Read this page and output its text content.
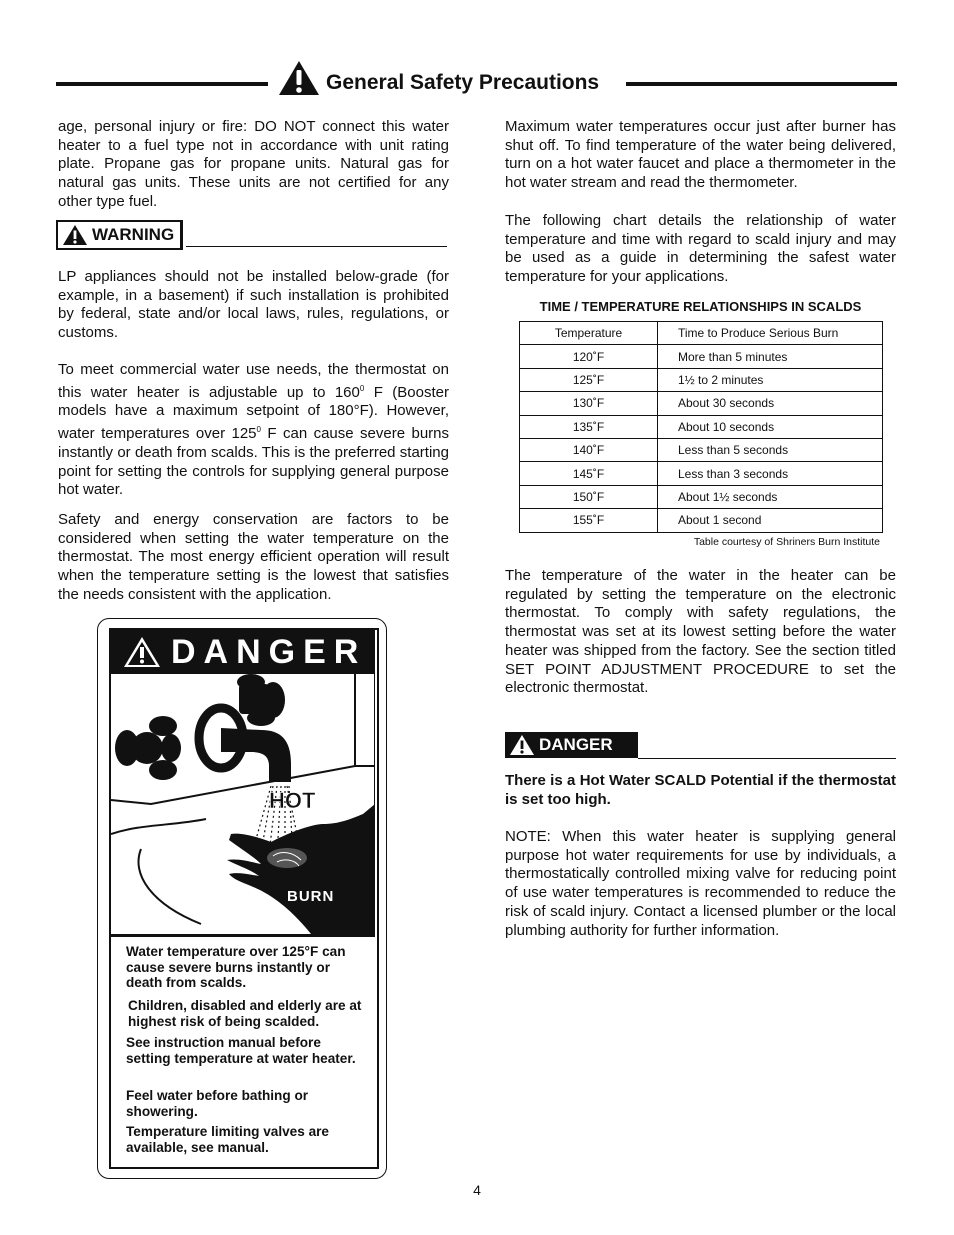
General Safety Precautions

age, personal injury or fire: DO NOT connect this water heater to a fuel type not in accordance with unit rating plate. Propane gas for propane units. Natural gas for natural gas units. These units are not certified for any other type fuel.

WARNING

LP appliances should not be installed below-grade (for example, in a basement) if such installation is prohibited by federal, state and/or local laws, rules, regulations, or customs.

To meet commercial water use needs, the thermostat on this water heater is adjustable up to $160^0$ F (Booster models have a maximum setpoint of 180°F). However, water temperatures over $125^0$ F can cause severe burns instantly or death from scalds. This is the preferred starting point for setting the controls for supplying general purpose hot water.

Safety and energy conservation are factors to be considered when setting the water temperature on the thermostat. The most energy efficient operation will result when the temperature setting is the lowest that satisfies the needs consistent with the application.

DANGER
HOT
BURN
Water temperature over 125°F can cause severe burns instantly or death from scalds.
Children, disabled and elderly are at highest risk of being scalded.
See instruction manual before setting temperature at water heater.
Feel water before bathing or showering.
Temperature limiting valves are available, see manual.

Maximum water temperatures occur just after burner has shut off. To find temperature of the water being delivered, turn on a hot water faucet and place a thermometer in the hot water stream and read the thermometer.

The following chart details the relationship of water temperature and time with regard to scald injury and may be used as a guide in determining the safest water temperature for your applications.

TIME / TEMPERATURE RELATIONSHIPS IN SCALDS
Temperature	Time to Produce Serious Burn
120˚F	More than 5 minutes
125˚F	1½ to 2 minutes
130˚F	About 30 seconds
135˚F	About 10 seconds
140˚F	Less than 5 seconds
145˚F	Less than 3 seconds
150˚F	About 1½ seconds
155˚F	About 1 second
Table courtesy of Shriners Burn Institute

The temperature of the water in the heater can be regulated by setting the temperature on the electronic thermostat. To comply with safety regulations, the thermostat was set at its lowest setting before the water heater was shipped from the factory. See the section titled SET POINT ADJUSTMENT PROCEDURE to set the electronic thermostat.

DANGER

There is a Hot Water SCALD Potential if the thermostat is set too high.

NOTE: When this water heater is supplying general purpose hot water requirements for use by individuals, a thermostatically controlled mixing valve for reducing point of use water temperatures is recommended to reduce the risk of scald injury. Contact a licensed plumber or the local plumbing authority for further information.

4
